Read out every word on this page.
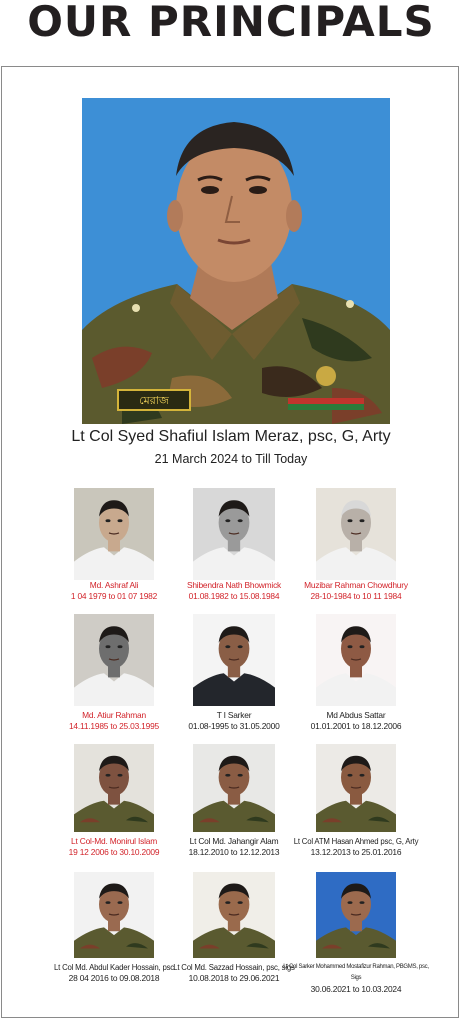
OUR PRINCIPALS
মেরাজ
Lt Col Syed Shafiul Islam Meraz, psc, G, Arty
21 March 2024 to Till Today
Md. Ashraf Ali
1 04 1979 to 01 07 1982
Shibendra Nath Bhowmick
01.08.1982 to 15.08.1984
Muzibar Rahman Chowdhury
28-10-1984 to 10 11 1984
Md. Atiur Rahman
14.11.1985 to 25.03.1995
T I Sarker
01.08-1995 to 31.05.2000
Md Abdus Sattar
01.01.2001 to 18.12.2006
Lt Col-Md. Monirul Islam
19 12 2006 to 30.10.2009
Lt Col Md. Jahangir Alam
18.12.2010 to 12.12.2013
Lt Col ATM Hasan Ahmed psc, G, Arty
13.12.2013 to 25.01.2016
Lt Col Md. Abdul Kader Hossain, psc
28 04 2016 to 09.08.2018
Lt Col Md. Sazzad Hossain, psc, sigs
10.08.2018 to 29.06.2021
Lt Col Sarker Mohammed Mostafizur Rahman, PBGMS, psc, Sigs
30.06.2021 to 10.03.2024
